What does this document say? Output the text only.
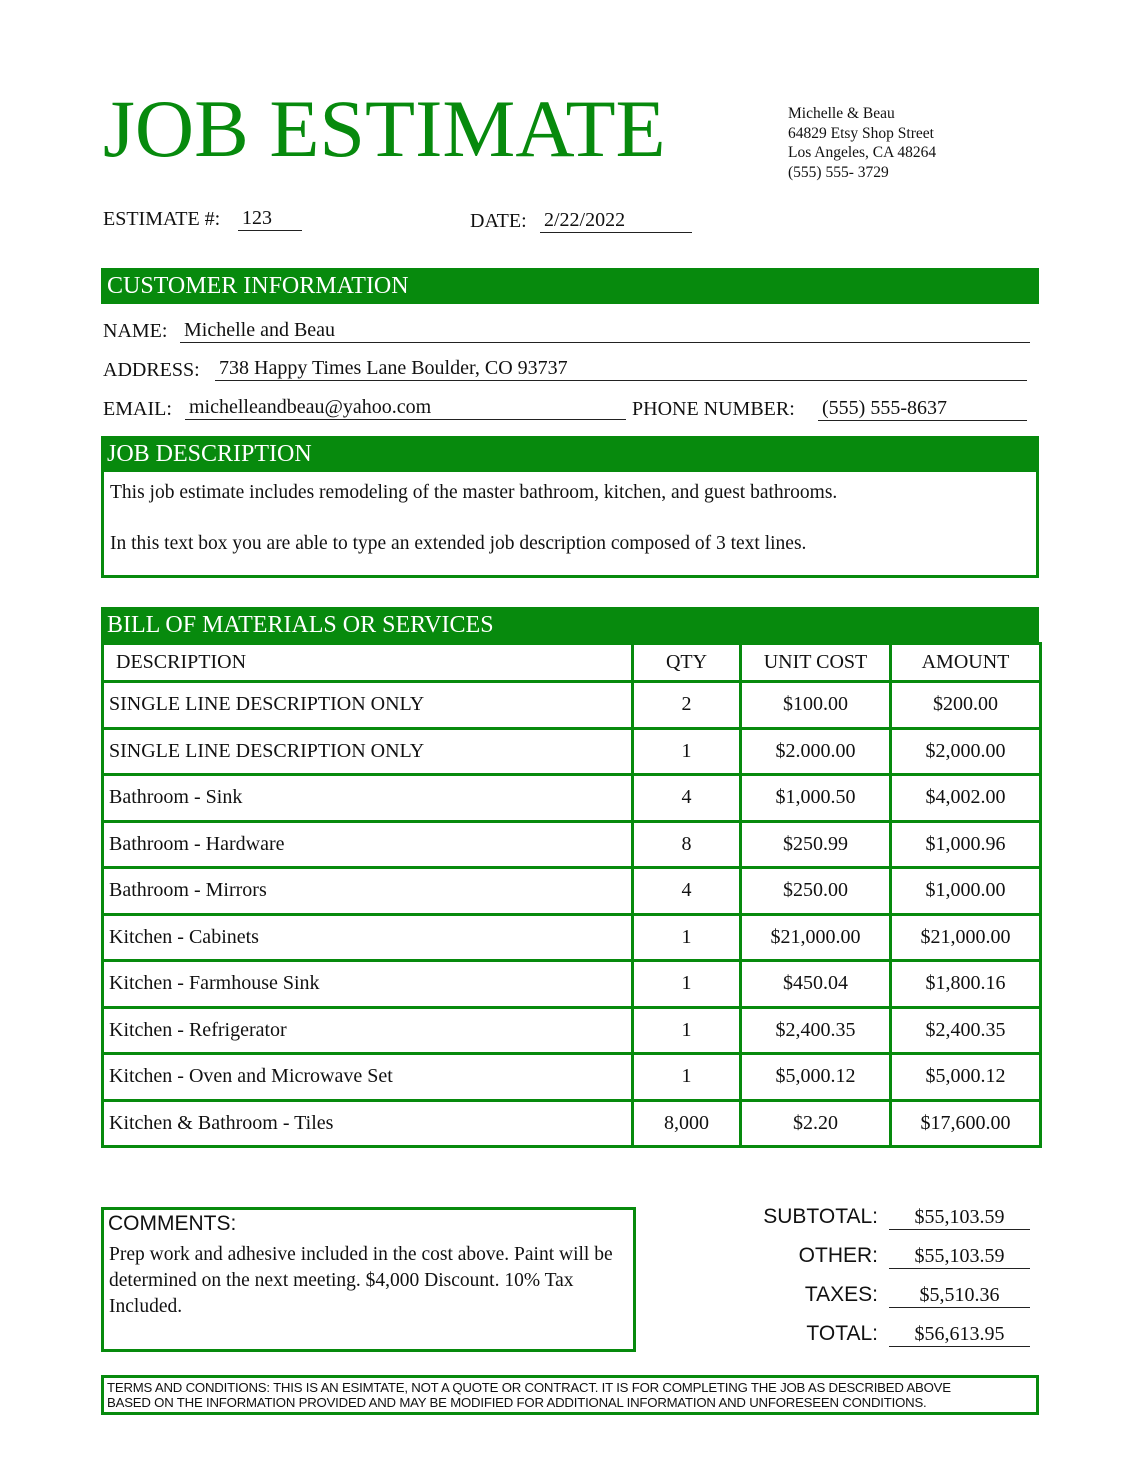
JOB ESTIMATE	Michelle & Beau
64829 Etsy Shop Street
Los Angeles, CA 48264
(555) 555- 3729
ESTIMATE #: 123	DATE: 2/22/2022
CUSTOMER INFORMATION
NAME: Michelle and Beau
ADDRESS: 738 Happy Times Lane Boulder, CO 93737
EMAIL: michelleandbeau@yahoo.com	PHONE NUMBER: (555) 555-8637
JOB DESCRIPTION
This job estimate includes remodeling of the master bathroom, kitchen, and guest bathrooms.
In this text box you are able to type an extended job description composed of 3 text lines.
BILL OF MATERIALS OR SERVICES
DESCRIPTION	QTY	UNIT COST	AMOUNT
SINGLE LINE DESCRIPTION ONLY	2	$100.00	$200.00
SINGLE LINE DESCRIPTION ONLY	1	$2.000.00	$2,000.00
Bathroom - Sink	4	$1,000.50	$4,002.00
Bathroom - Hardware	8	$250.99	$1,000.96
Bathroom - Mirrors	4	$250.00	$1,000.00
Kitchen - Cabinets	1	$21,000.00	$21,000.00
Kitchen - Farmhouse Sink	1	$450.04	$1,800.16
Kitchen - Refrigerator	1	$2,400.35	$2,400.35
Kitchen - Oven and Microwave Set	1	$5,000.12	$5,000.12
Kitchen & Bathroom - Tiles	8,000	$2.20	$17,600.00
COMMENTS:
Prep work and adhesive included in the cost above. Paint will be determined on the next meeting. $4,000 Discount. 10% Tax Included.
SUBTOTAL:	$55,103.59
OTHER:	$55,103.59
TAXES:	$5,510.36
TOTAL:	$56,613.95
TERMS AND CONDITIONS: THIS IS AN ESIMTATE, NOT A QUOTE OR CONTRACT. IT IS FOR COMPLETING THE JOB AS DESCRIBED ABOVE
BASED ON THE INFORMATION PROVIDED AND MAY BE MODIFIED FOR ADDITIONAL INFORMATION AND UNFORESEEN CONDITIONS.
